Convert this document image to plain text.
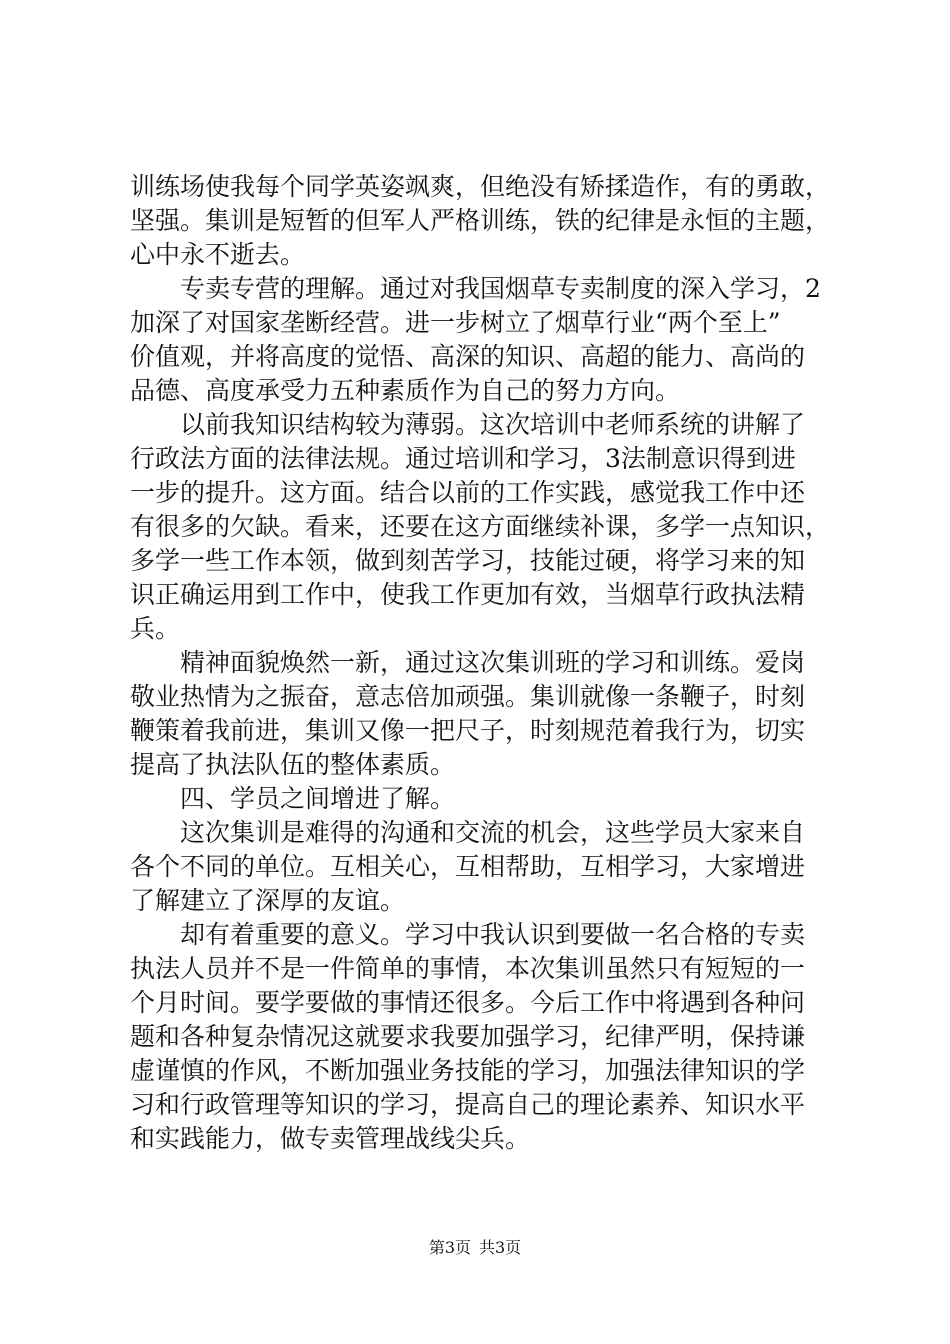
训练场使我每个同学英姿飒爽，但绝没有矫揉造作，有的勇敢，
坚强。集训是短暂的但军人严格训练，铁的纪律是永恒的主题，
心中永不逝去。
　　专卖专营的理解。通过对我国烟草专卖制度的深入学习，2
加深了对国家垄断经营。进一步树立了烟草行业“两个至上”
价值观，并将高度的觉悟、高深的知识、高超的能力、高尚的
品德、高度承受力五种素质作为自己的努力方向。
　　以前我知识结构较为薄弱。这次培训中老师系统的讲解了
行政法方面的法律法规。通过培训和学习，3法制意识得到进
一步的提升。这方面。结合以前的工作实践，感觉我工作中还
有很多的欠缺。看来，还要在这方面继续补课，多学一点知识，
多学一些工作本领，做到刻苦学习，技能过硬，将学习来的知
识正确运用到工作中，使我工作更加有效，当烟草行政执法精
兵。
　　精神面貌焕然一新，通过这次集训班的学习和训练。爱岗
敬业热情为之振奋，意志倍加顽强。集训就像一条鞭子，时刻
鞭策着我前进，集训又像一把尺子，时刻规范着我行为，切实
提高了执法队伍的整体素质。
　　四、学员之间增进了解。
　　这次集训是难得的沟通和交流的机会，这些学员大家来自
各个不同的单位。互相关心，互相帮助，互相学习，大家增进
了解建立了深厚的友谊。
　　却有着重要的意义。学习中我认识到要做一名合格的专卖
执法人员并不是一件简单的事情，本次集训虽然只有短短的一
个月时间。要学要做的事情还很多。今后工作中将遇到各种问
题和各种复杂情况这就要求我要加强学习，纪律严明，保持谦
虚谨慎的作风，不断加强业务技能的学习，加强法律知识的学
习和行政管理等知识的学习，提高自己的理论素养、知识水平
和实践能力，做专卖管理战线尖兵。
第3页 共3页
